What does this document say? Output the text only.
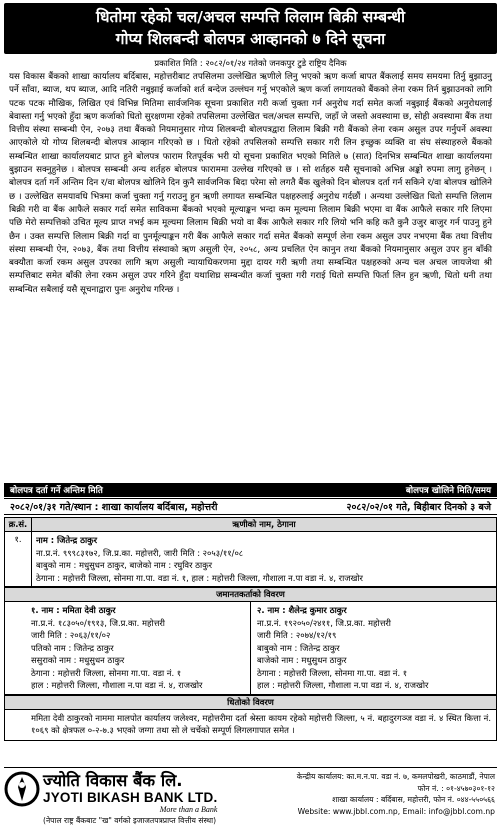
धितोमा रहेको चल/अचल सम्पत्ति लिलाम बिक्री सम्बन्धी
गोप्य शिलबन्दी बोलपत्र आव्हानको ७ दिने सूचना
प्रकाशित मिति : २०८२/०१/२४ गतेको जनकपुर टुडे राष्ट्रिय दैनिक
यस विकास बैंकको शाखा कार्यालय बर्दिबास, महोत्तरीबाट तपसिलमा उल्लेखित ऋणीले लिनु भएको ऋण कर्जा बापत बैंकलाई समय समयमा तिर्नु बुझाउनु पर्ने साँवा, ब्याज, थप ब्याज, आदि नतिरी नबुझाई कर्जाको शर्त बन्देज उल्लंघन गर्नु भएकोले ऋण कर्जा लगायतको बैंकको लेना रकम तिर्न बुझाउनको लागि पटक पटक मौखिक, लिखित एवं विभिन्न मितिमा सार्वजनिक सूचना प्रकाशित गरी कर्जा चुक्ता गर्न अनुरोध गर्दा समेत कर्जा नबुझाई बैंकको अनुरोधलाई बेवास्ता गर्नु भएको हुँदा ऋण कर्जाको धितो सुरक्षणमा रहेको तपसिलमा उल्लेखित चल/अचल सम्पत्ति, जहाँ जे जस्तो अवस्थामा छ, सोही अवस्थामा बैंक तथा वित्तीय संस्था सम्बन्धी ऐन, २०७३ तथा बैंकको नियमानुसार गोप्य शिलबन्दी बोलपत्रद्वारा लिलाम बिक्री गरी बैंकको लेना रकम असुल उपर गर्नुपर्ने अवस्था आएकोले यो गोप्य शिलबन्दी बोलपत्र आव्हान गरिएको छ । धितो रहेको तपसिलको सम्पत्ति सकार गरी लिन इच्छुक व्यक्ति वा संघ संस्थाहरुले बैंकको सम्बन्धित शाखा कार्यालयबाट प्राप्त हुने बोलपत्र फाराम रितपूर्वक भरी यो सूचना प्रकाशित भएको मितिले ७ (सात) दिनभित्र सम्बन्धित शाखा कार्यालयमा बुझाउन सक्नुहुनेछ । बोलपत्र सम्बन्धी अन्य शर्तहरु बोलपत्र फाराममा उल्लेख गरिएको छ । सो शर्तहरु यसै सूचनाको अभिन्न अङ्को रुपमा लागु हुनेछन् । बोलपत्र दर्ता गर्ने अन्तिम दिन र/वा बोलपत्र खोलिने दिन कुनै सार्वजनिक बिदा परेमा सो लगतै बैंक खुलेको दिन बोलपत्र दर्ता गर्न सकिने र/वा बोलपत्र खोलिने छ । उल्लेखित समयावधि भित्रमा कर्जा चुक्ता गर्नु गराउनु हुन ऋणी लगायत सम्बन्धित पक्षहरुलाई अनुरोध गर्दछौं । अन्यथा उल्लेखित धितो सम्पत्ति लिलाम बिक्री गरी वा बैंक आफैले सकार गर्दा समेत साविकमा बैंकको भएको मूल्याङ्कन भन्दा कम मूल्यमा लिलाम बिक्री भएमा वा बैंक आफैले सकार गरि लिएमा पछि मेरो सम्पत्तिको उचित मूल्य प्राप्त नभई कम मूल्यमा लिलाम बिक्री भयो वा बैंक आफैले सकार गरि लियो भनि कहि कतै कुनै उजुर बाजुर गर्न पाउनु हुने छैन । उक्त सम्पत्ति लिलाम बिक्री गर्दा वा पुनर्मूल्याङ्कन गरी बैंक आफैले सकार गर्दा समेत बैंकको सम्पूर्ण लेना रकम असुल उपर नभएमा बैंक तथा वित्तीय संस्था सम्बन्धी ऐन, २०७३, बैंक तथा वित्तीय संस्थाको ऋण असुली ऐन, २०५८, अन्य प्रचलित ऐन कानुन तथा बैंकको नियमानुसार असुल उपर हुन बाँकी बक्यौता कर्जा रकम असुल उपरका लागि ऋण असुली न्यायाधिकरणमा मुद्दा दायर गरी ऋणी तथा सम्बन्धित पक्षहरुको अन्य चल अचल जायजेथा श्री सम्पत्तिबाट समेत बाँकी लेना रकम असुल उपर गरिने हुँदा यथाशिघ्र सम्बन्धीत कर्जा चुक्ता गरी गराई धितो सम्पत्ति फिर्ता लिन हुन ऋणी, धितो धनी तथा सम्बन्धित सबैलाई यसै सूचनाद्वारा पुनः अनुरोध गरिन्छ ।
बोलपत्र दर्ता गर्ने अन्तिम मिति	बोलपत्र खोलिने मिति/समय
२०८२/०१/३१ गते/स्थान : शाखा कार्यालय बर्दिबास, महोत्तरी	२०८२/०२/०१ गते, बिहीबार दिनको ३ बजे
क्र.सं.	ऋणीको नाम, ठेगाना
१.	नाम : जितेन्द्र ठाकुर
ना.प्र.नं. ९९९८३१७२, जि.प्र.का. महोत्तरी, जारी मिति : २०५३/११/०८
बाबुको नाम : मधुसुधन ठाकुर, बाजेको नाम : रघुविर ठाकुर
ठेगाना : महोत्तरी जिल्ला, सोनमा गा.पा. वडा नं. १, हाल : महोत्तरी जिल्ला, गौशाला न.पा वडा नं. ४, राजखोर
जमानतकर्ताको विवरण

१. नाम : ममिता देवी ठाकुर
ना.प्र.नं. १८३०५०/१९१३, जि.प्र.का. महोत्तरी
जारी मिति : २०६३/११/०२
पतिको नाम : जितेन्द्र ठाकुर
ससुराको नाम : मधुसुधन ठाकुर
ठेगाना : महोत्तरी जिल्ला, सोनमा गा.पा. वडा नं. १
हाल : महोत्तरी जिल्ला, गौशाला न.पा वडा नं. ४, राजखोर

२. नाम : शैलेन्द्र कुमार ठाकुर
ना.प्र.नं. १९२०५०/२४११, जि.प्र.का. महोत्तरी
जारी मिति : २०७४/१२/१९
बाबुको नाम : जितेन्द्र ठाकुर
बाजेको नाम : मधुसुधन ठाकुर
ठेगाना : महोत्तरी जिल्ला, सोनमा गा.पा. वडा नं. १
हाल : महोत्तरी जिल्ला, गौशाला न.पा वडा नं. ४, राजखोर
धितोको विवरण
ममिता देवी ठाकुरको नाममा मालपोत कार्यालय जलेश्वर, महोत्तरीमा दर्ता श्रेस्ता कायम रहेको महोत्तरी जिल्ला, ५ नं. बहादुरगञ्ज वडा नं. ४ स्थित कित्ता नं. १०६९ को क्षेत्रफल ०-२-७.३ भएको जग्गा तथा सो ले चर्चेको सम्पूर्ण लिगलगापात समेत ।
ज्योति विकास बैंक लि.
JYOTI BIKASH BANK LTD.
More than a Bank
(नेपाल राष्ट्र बैंकबाट "ख" वर्गको इजाजतपत्रप्राप्त वित्तीय संस्था)
केन्द्रीय कार्यालय: का.म.न.पा. वडा नं. ७, कमलपोखरी, काठमाडौं, नेपाल
फोन नं. : ०१-४५७०३०१-१२
शाखा कार्यालय : बर्दिबास, महोत्तरी, फोन नं. ०४४-५५०५६६
Website: www.jbbl.com.np, Email: info@jbbl.com.np
